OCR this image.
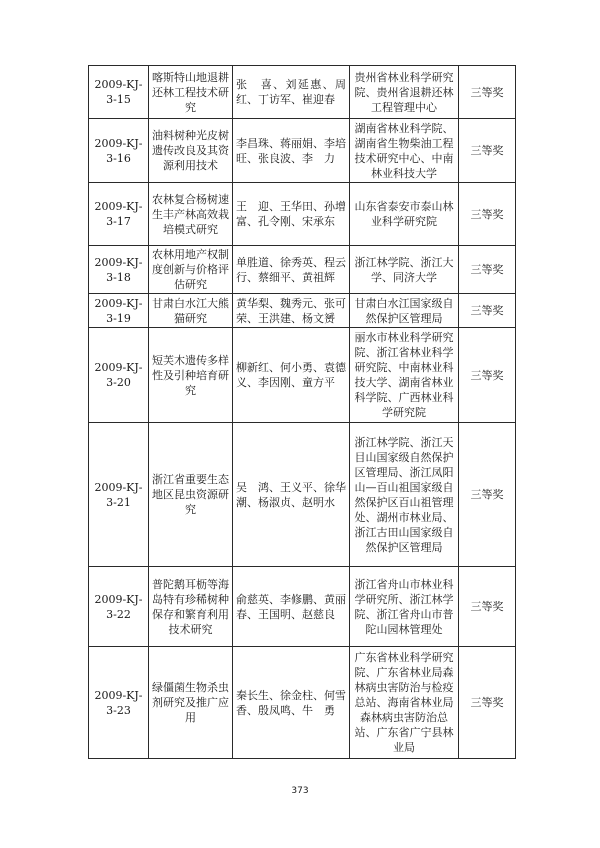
2009-KJ-3-15	喀斯特山地退耕还林工程技术研究	张　喜、刘延惠、周红、丁访军、崔迎春	贵州省林业科学研究院、贵州省退耕还林工程管理中心	三等奖
2009-KJ-3-16	油料树种光皮树遗传改良及其资源利用技术	李昌珠、蒋丽娟、李培旺、张良波、李　力	湖南省林业科学院、湖南省生物柴油工程技术研究中心、中南林业科技大学	三等奖
2009-KJ-3-17	农林复合杨树速生丰产林高效栽培模式研究	王　迎、王华田、孙增富、孔令刚、宋承东	山东省泰安市泰山林业科学研究院	三等奖
2009-KJ-3-18	农林用地产权制度创新与价格评估研究	单胜道、徐秀英、程云行、蔡细平、黄祖辉	浙江林学院、浙江大学、同济大学	三等奖
2009-KJ-3-19	甘肃白水江大熊猫研究	黄华梨、魏秀元、张可荣、王洪建、杨文赟	甘肃白水江国家级自然保护区管理局	三等奖
2009-KJ-3-20	短芙木遗传多样性及引种培育研究	柳新红、何小勇、袁德义、李因刚、童方平	丽水市林业科学研究院、浙江省林业科学研究院、中南林业科技大学、湖南省林业科学院、广西林业科学研究院	三等奖
2009-KJ-3-21	浙江省重要生态地区昆虫资源研究	吴　鸿、王义平、徐华潮、杨淑贞、赵明水	浙江林学院、浙江天目山国家级自然保护区管理局、浙江凤阳山—百山祖国家级自然保护区百山祖管理处、湖州市林业局、浙江古田山国家级自然保护区管理局	三等奖
2009-KJ-3-22	普陀鹅耳枥等海岛特有珍稀树种保存和繁育利用技术研究	俞慈英、李修鹏、黄丽春、王国明、赵慈良	浙江省舟山市林业科学研究所、浙江林学院、浙江省舟山市普陀山园林管理处	三等奖
2009-KJ-3-23	绿僵菌生物杀虫剂研究及推广应用	秦长生、徐金柱、何雪香、殷凤鸣、牛　勇	广东省林业科学研究院、广东省林业局森林病虫害防治与检疫总站、海南省林业局森林病虫害防治总站、广东省广宁县林业局	三等奖
373
